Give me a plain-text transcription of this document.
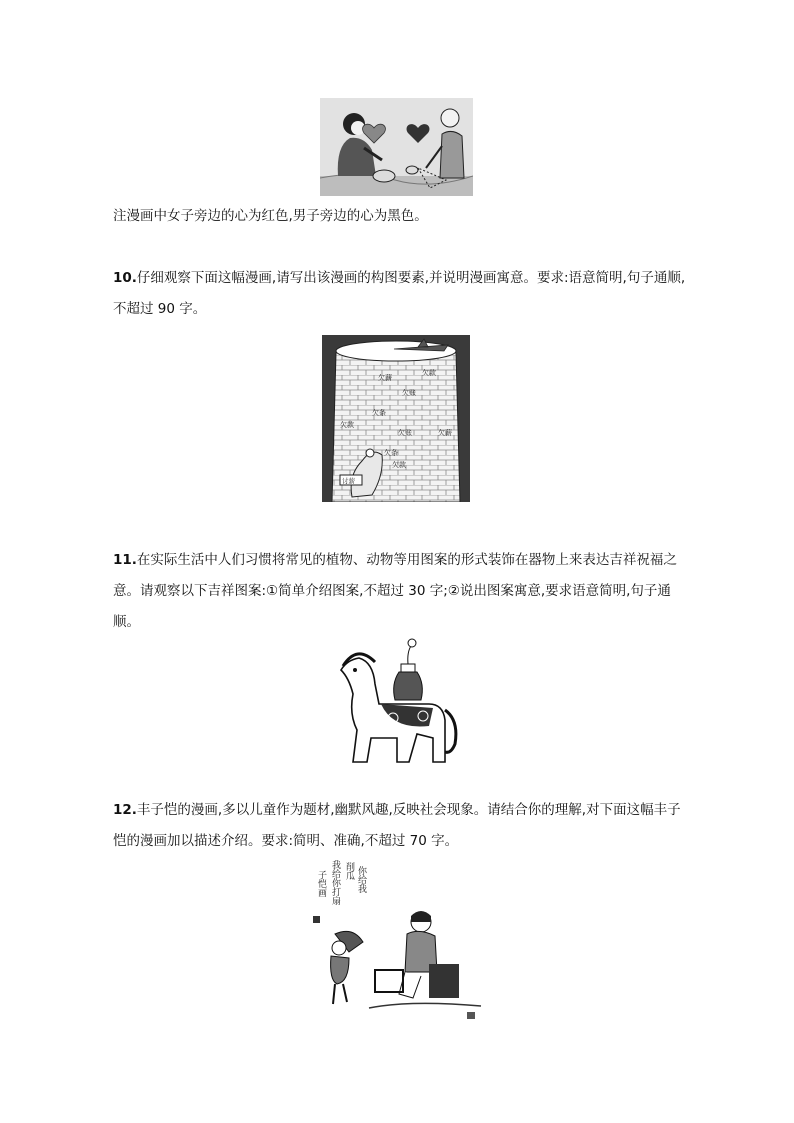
注漫画中女子旁边的心为红色,男子旁边的心为黑色。

10.仔细观察下面这幅漫画,请写出该漫画的构图要素,并说明漫画寓意。要求:语意简明,句子通顺,不超过 90 字。

欠薪
欠款
欠账
欠条
欠款
欠账	欠薪
欠条
欠款
讨薪

11.在实际生活中人们习惯将常见的植物、动物等用图案的形式装饰在器物上来表达吉祥祝福之意。请观察以下吉祥图案:①简单介绍图案,不超过 30 字;②说出图案寓意,要求语意简明,句子通顺。

12.丰子恺的漫画,多以儿童作为题材,幽默风趣,反映社会现象。请结合你的理解,对下面这幅丰子恺的漫画加以描述介绍。要求:简明、准确,不超过 70 字。

你给我
削瓜
我给你打扇
子恺画
